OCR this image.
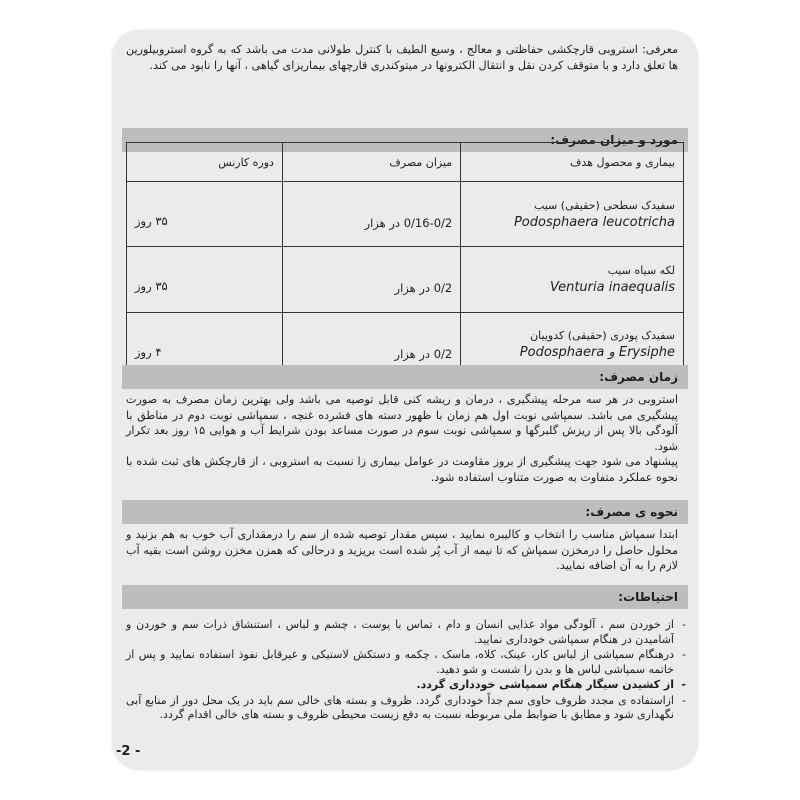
معرفی: استروبی قارچکشی حفاظتی و معالج ، وسیع الطیف با کنترل طولانی مدت می باشد که به گروه استروبیلورین ها تعلق دارد و با متوقف کردن نقل و انتقال الکترونها در میتوکندری قارچهای بیماریزای گیاهی ، آنها را نابود می کند.
مورد و میزان مصرف:
بیماری و محصول هدف	میزان مصرف	دوره کارنس

سفیدک سطحی (حقیقی) سیب
Podosphaera leucotricha	0/16-0/2 در هزار	۳۵ روز

لکه سیاه سیب
Venturia inaequalis	0/2 در هزار	۳۵ روز

سفیدک پودری (حقیقی) کدوییان
Podosphaera و Erysiphe	0/2 در هزار	۴ روز
زمان مصرف:

استروبی در هر سه مرحله پیشگیری ، درمان و ریشه کنی قابل توصیه می باشد ولی بهترین زمان مصرف به صورت پیشگیری می باشد. سمپاشی نوبت اول هم زمان با ظهور دسته های فشرده غنچه ، سمپاشی نوبت دوم در مناطق با آلودگی بالا پس از ریزش گلبرگها و سمپاشی نوبت سوم در صورت مساعد بودن شرایط آب و هوایی ۱۵ روز بعد تکرار شود.

پیشنهاد می شود جهت پیشگیری از بروز مقاومت در عوامل بیماری زا نسبت به استروبی ، از قارچکش های ثبت شده با نحوه عملکرد متفاوت به صورت متناوب استفاده شود.

نحوه ی مصرف:
ابتدا سمپاش مناسب را انتخاب و کالیبره نمایید ، سپس مقدار توصیه شده از سم را درمقداری آب خوب به هم بزنید و محلول حاصل را درمخزن سمپاش که تا نیمه از آب پُر شده است بریزید و درحالی که همزن مخزن روشن است بقیه آب لازم را به آن اضافه نمایید.
احتیاطات:
- از خوردن سم ، آلودگی مواد غذایی انسان و دام ، تماس با پوست ، چشم و لباس ، استنشاق ذرات سم و خوردن و آشامیدن در هنگام سمپاشی خودداری نمایید.
- درهنگام سمپاشی از لباس کار، عینک، کلاه، ماسک ، چکمه و دستکش لاستیکی و غیرقابل نفوذ استفاده نمایید و پس از خاتمه سمپاشی لباس ها و بدن را شست و شو دهید.
- از کشیدن سیگار هنگام سمپاشی خودداری گردد.
- ازاستفاده ی مجدد ظروف حاوی سم جداً خودداری گردد. ظروف و بسته های خالی سم باید در یک محل دور از منابع آبی نگهداری شود و مطابق با ضوابط ملی مربوطه نسبت به دفع زیست محیطی ظروف و بسته های خالی اقدام گردد.
-2 -
